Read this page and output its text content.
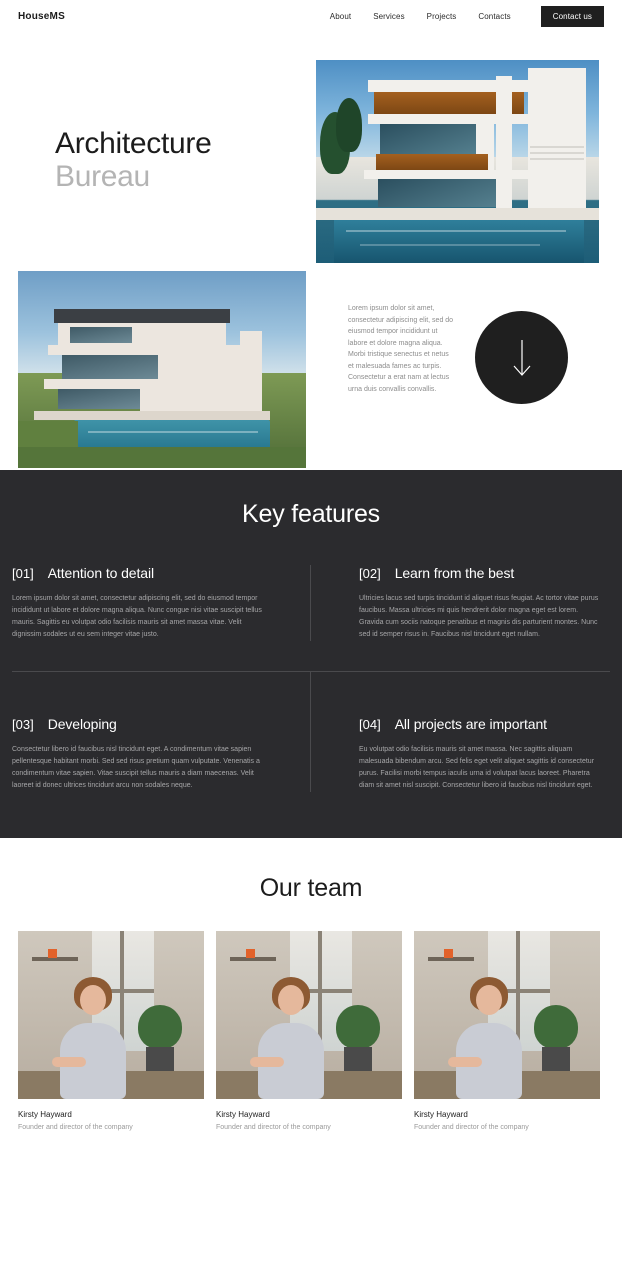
HouseMS	About	Services	Projects	Contacts	Contact us
Architecture
Bureau
Lorem ipsum dolor sit amet, consectetur adipiscing elit, sed do eiusmod tempor incididunt ut labore et dolore magna aliqua. Morbi tristique senectus et netus et malesuada fames ac turpis. Consectetur a erat nam at lectus urna duis convallis convallis.
Key features
[01] Attention to detail
Lorem ipsum dolor sit amet, consectetur adipiscing elit, sed do eiusmod tempor incididunt ut labore et dolore magna aliqua. Nunc congue nisi vitae suscipit tellus mauris. Sagittis eu volutpat odio facilisis mauris sit amet massa vitae. Velit dignissim sodales ut eu sem integer vitae justo.
[02] Learn from the best
Ultricies lacus sed turpis tincidunt id aliquet risus feugiat. Ac tortor vitae purus faucibus. Massa ultricies mi quis hendrerit dolor magna eget est lorem. Gravida cum sociis natoque penatibus et magnis dis parturient montes. Nunc sed id semper risus in. Faucibus nisl tincidunt eget nullam.
[03] Developing
Consectetur libero id faucibus nisl tincidunt eget. A condimentum vitae sapien pellentesque habitant morbi. Sed sed risus pretium quam vulputate. Venenatis a condimentum vitae sapien. Vitae suscipit tellus mauris a diam maecenas. Velit laoreet id donec ultrices tincidunt arcu non sodales neque.
[04] All projects are important
Eu volutpat odio facilisis mauris sit amet massa. Nec sagittis aliquam malesuada bibendum arcu. Sed felis eget velit aliquet sagittis id consectetur purus. Facilisi morbi tempus iaculis urna id volutpat lacus laoreet. Pharetra diam sit amet nisl suscipit. Consectetur libero id faucibus nisl tincidunt eget.
Our team
Kirsty Hayward
Founder and director of the company
Kirsty Hayward
Founder and director of the company
Kirsty Hayward
Founder and director of the company
